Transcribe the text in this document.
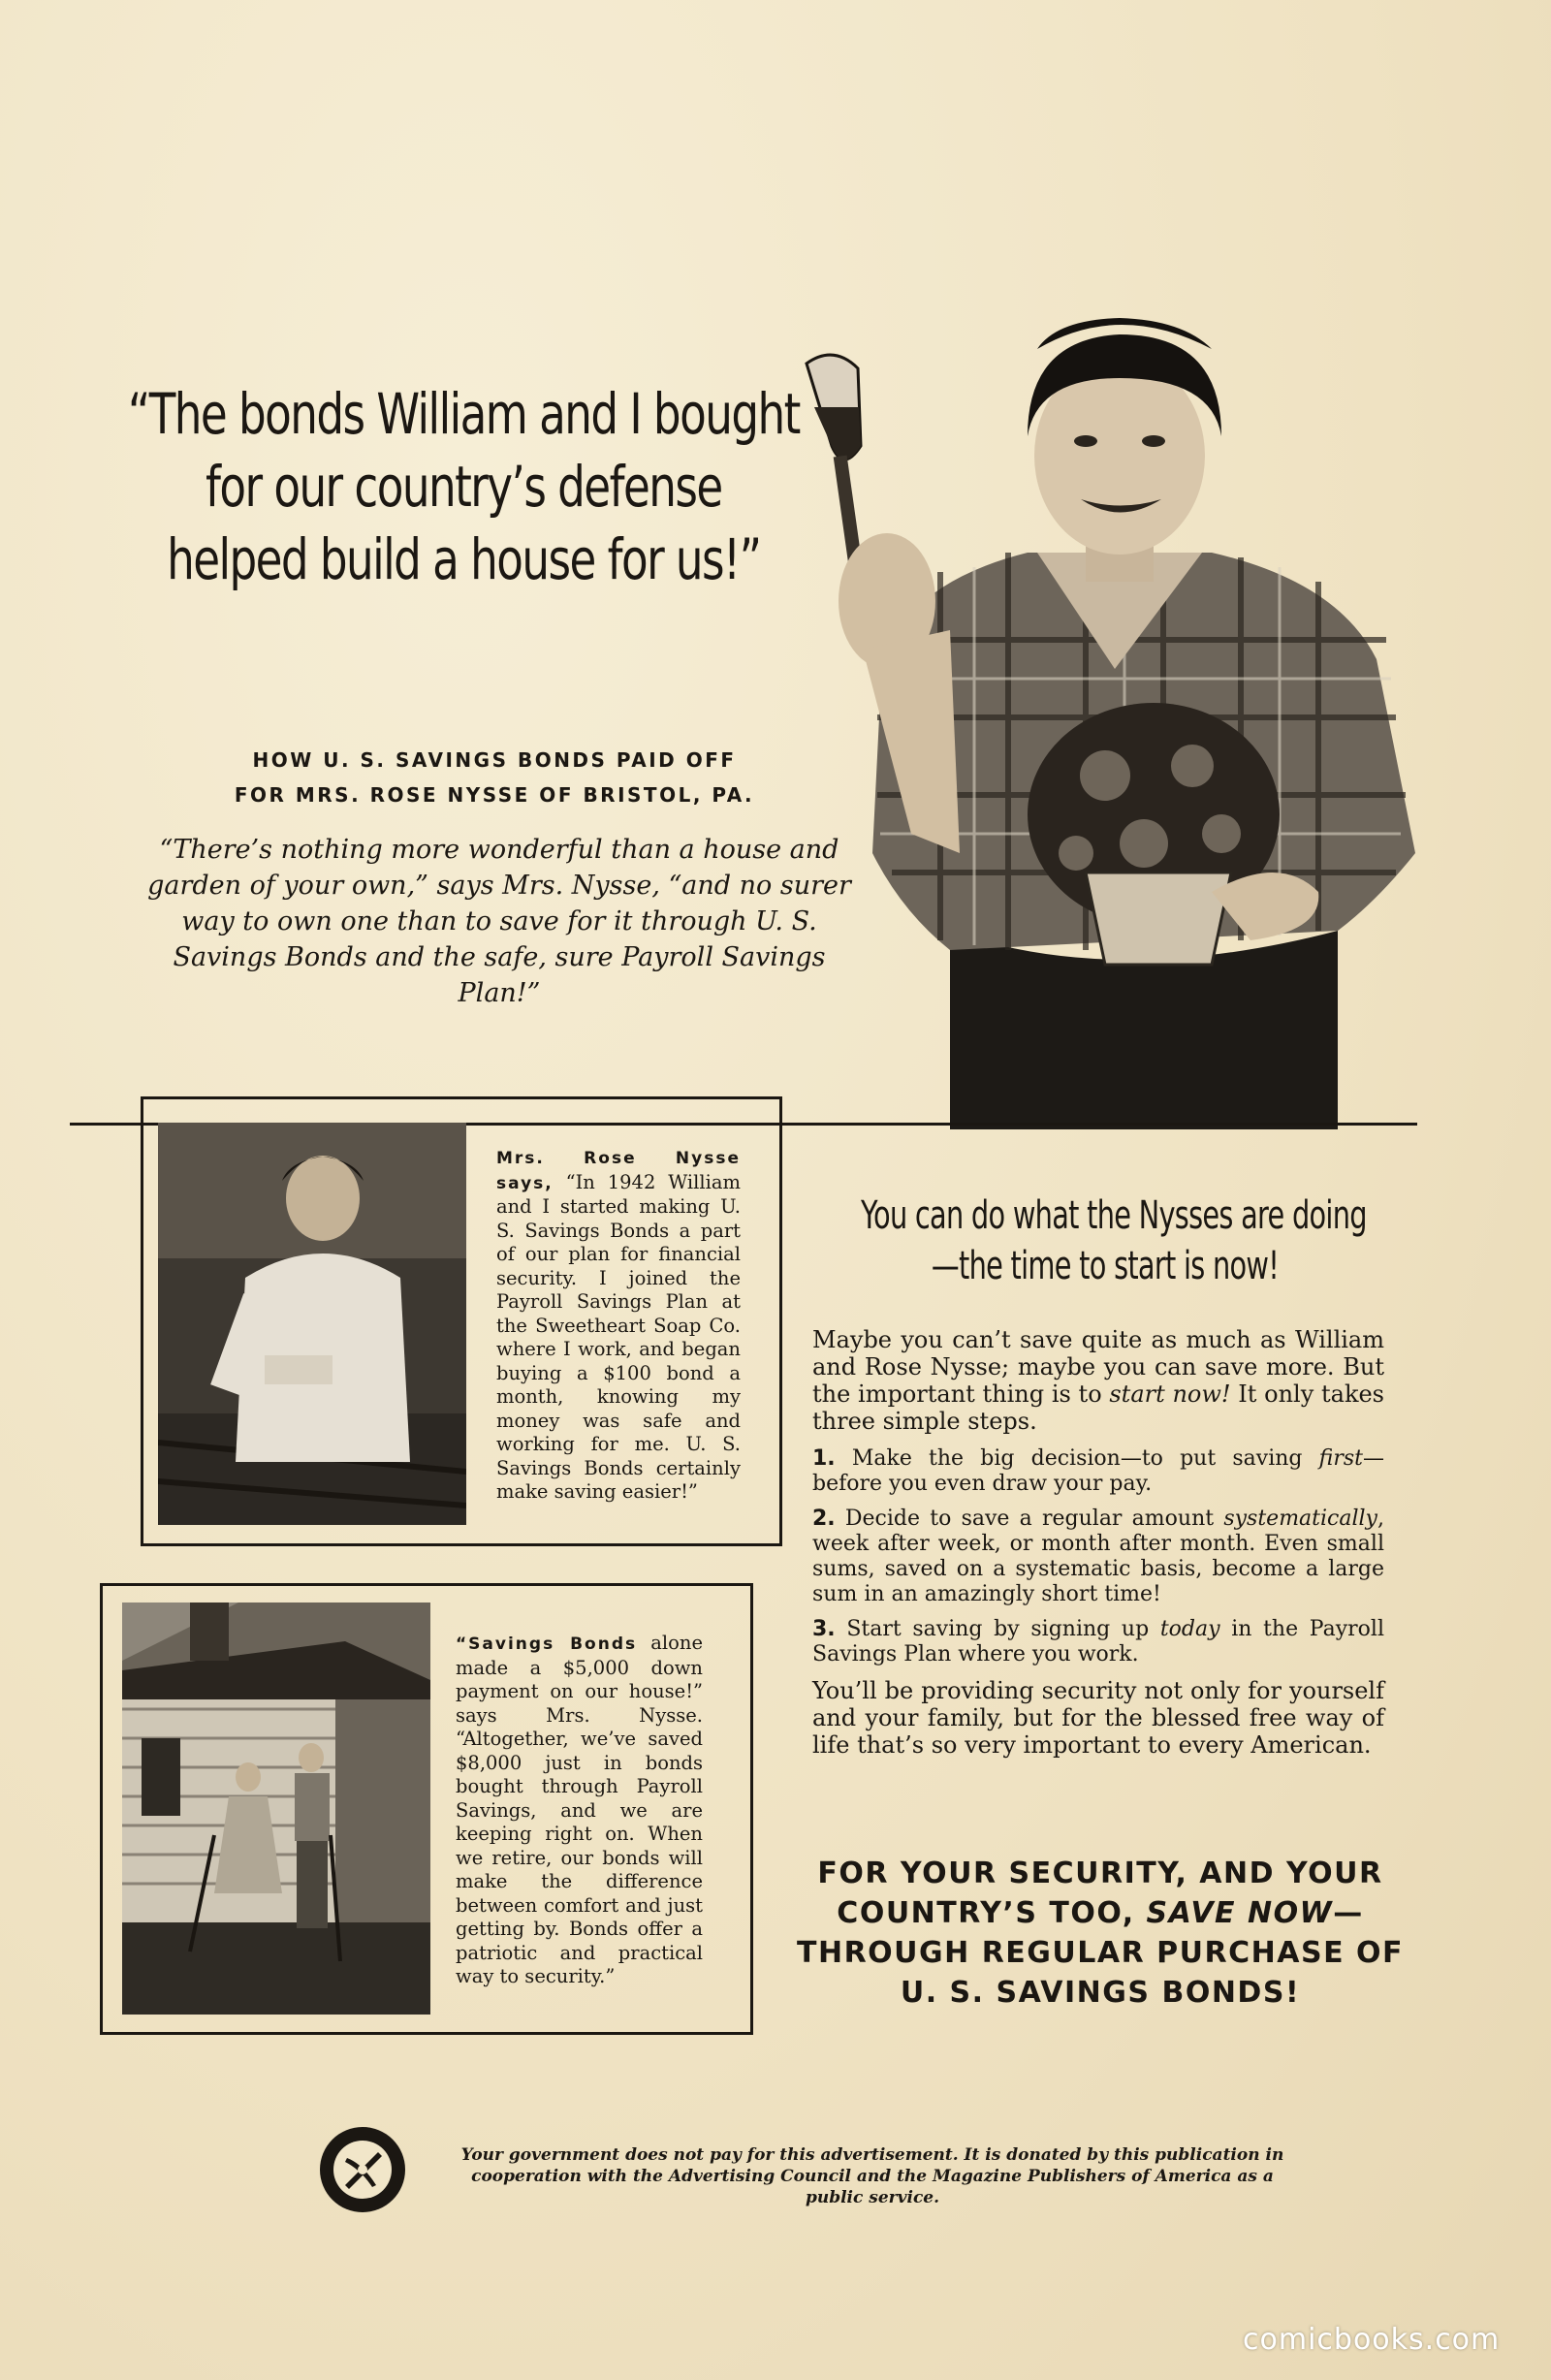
“The bonds William and I bought
for our country’s defense
helped build a house for us!”
HOW U. S. SAVINGS BONDS PAID OFF
FOR MRS. ROSE NYSSE OF BRISTOL, PA.
“There’s nothing more wonderful than a house and garden of your own,” says Mrs. Nysse, “and no surer way to own one than to save for it through U. S. Savings Bonds and the safe, sure Payroll Savings Plan!”
Mrs. Rose Nysse says, “In 1942 William and I started making U. S. Savings Bonds a part of our plan for financial security. I joined the Payroll Savings Plan at the Sweetheart Soap Co. where I work, and began buying a $100 bond a month, knowing my money was safe and working for me. U. S. Savings Bonds certainly make saving easier!”
“Savings Bonds alone made a $5,000 down payment on our house!” says Mrs. Nysse. “Altogether, we’ve saved $8,000 just in bonds bought through Payroll Savings, and we are keeping right on. When we retire, our bonds will make the difference between comfort and just getting by. Bonds offer a patriotic and practical way to security.”
You can do what the Nysses are doing
—the time to start is now!

Maybe you can’t save quite as much as William and Rose Nysse; maybe you can save more. But the important thing is to start now! It only takes three simple steps.

1. Make the big decision—to put saving first—before you even draw your pay.

2. Decide to save a regular amount systematically, week after week, or month after month. Even small sums, saved on a systematic basis, become a large sum in an amazingly short time!

3. Start saving by signing up today in the Payroll Savings Plan where you work.

You’ll be providing security not only for yourself and your family, but for the blessed free way of life that’s so very important to every American.

FOR YOUR SECURITY, AND YOUR
COUNTRY’S TOO, SAVE NOW—
THROUGH REGULAR PURCHASE OF
U. S. SAVINGS BONDS!
Your government does not pay for this advertisement. It is donated by this publication in cooperation with the Advertising Council and the Magazine Publishers of America as a public service.
comicbooks.com
